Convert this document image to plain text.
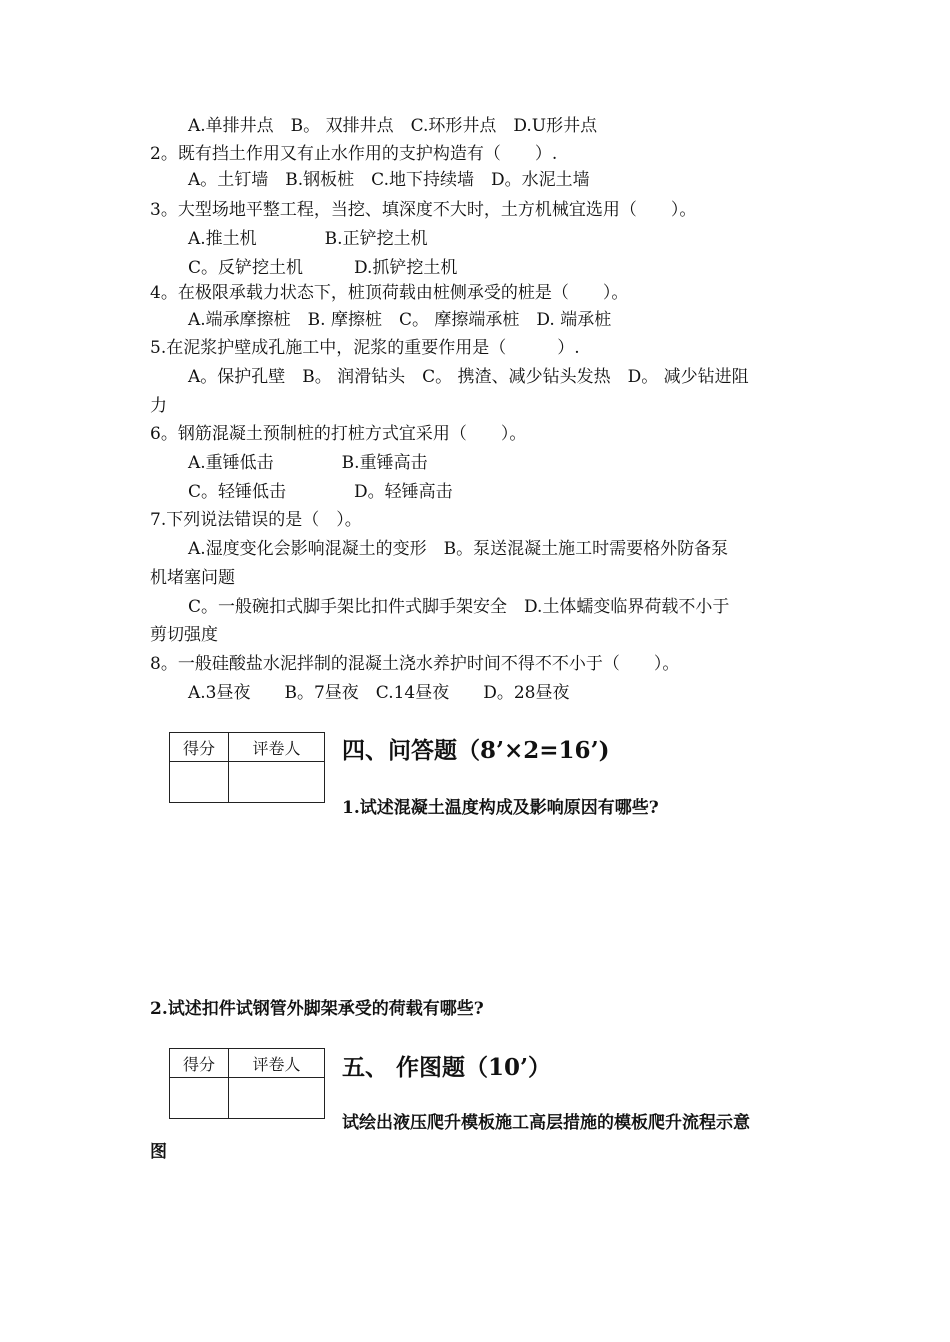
A.单排井点　B。 双排井点　C.环形井点　D.U形井点
2。既有挡土作用又有止水作用的支护构造有（　　）.
A。土钉墙　B.钢板桩　C.地下持续墙　D。水泥土墙
3。大型场地平整工程，当挖、填深度不大时，土方机械宜选用（　　）。
A.推土机　　　　B.正铲挖土机
C。反铲挖土机　　　D.抓铲挖土机
4。在极限承载力状态下，桩顶荷载由桩侧承受的桩是（　　）。
A.端承摩擦桩　B. 摩擦桩　C。 摩擦端承桩　D. 端承桩
5.在泥浆护壁成孔施工中，泥浆的重要作用是（　　　）.
A。保护孔壁　B。 润滑钻头　C。 携渣、减少钻头发热　D。 减少钻进阻
力
6。钢筋混凝土预制桩的打桩方式宜采用（　　）。
A.重锤低击　　　　B.重锤高击
C。轻锤低击　　　　D。轻锤高击
7.下列说法错误的是（　）。
A.湿度变化会影响混凝土的变形　B。泵送混凝土施工时需要格外防备泵
机堵塞问题
C。一般碗扣式脚手架比扣件式脚手架安全　D.土体蠕变临界荷载不小于
剪切强度
8。一般硅酸盐水泥拌制的混凝土浇水养护时间不得不不小于（　　）。
A.3昼夜　　B。7昼夜　C.14昼夜　　D。28昼夜
得分	评卷人
	四、问答题（8’×2=16’)
1.试述混凝土温度构成及影响原因有哪些?
2.试述扣件试钢管外脚架承受的荷载有哪些?
得分	评卷人
	五、 作图题（10’）
试绘出液压爬升模板施工高层措施的模板爬升流程示意
图
